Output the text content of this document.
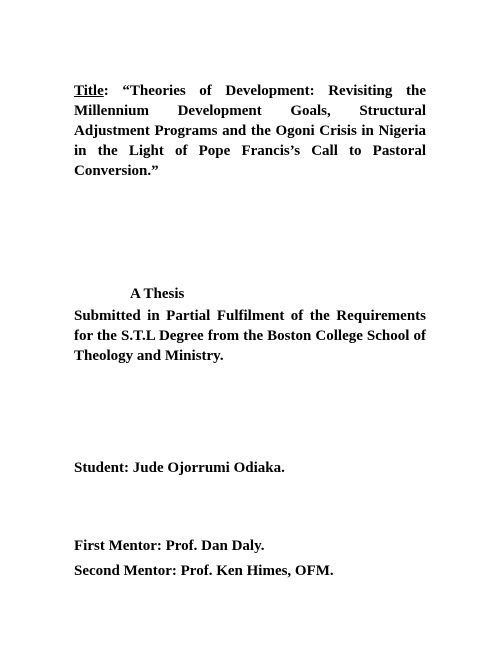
Title: “Theories of Development: Revisiting the Millennium Development Goals, Structural Adjustment Programs and the Ogoni Crisis in Nigeria in the Light of Pope Francis’s Call to Pastoral Conversion.”
A Thesis
Submitted in Partial Fulfilment of the Requirements for the S.T.L Degree from the Boston College School of Theology and Ministry.
Student: Jude Ojorrumi Odiaka.
First Mentor: Prof. Dan Daly.
Second Mentor: Prof. Ken Himes, OFM.
